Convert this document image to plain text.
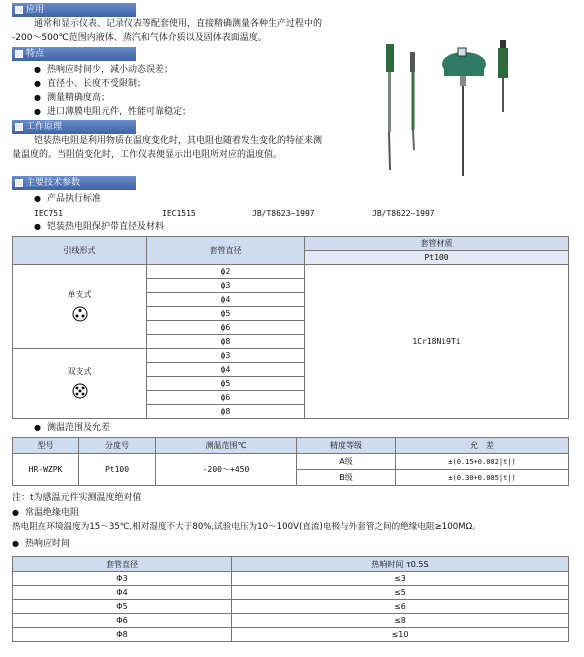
应用
通常和显示仪表、记录仪表等配套使用，直接精确测量各种生产过程中的
-200～500℃范围内液体、蒸汽和气体介质以及固体表面温度。
特点
● 热响应时间少，减小动态误差；
● 直径小、长度不受限制；
● 测量精确度高；
● 进口薄膜电阻元件，性能可靠稳定；
工作原理
铠装热电阻是利用物质在温度变化时，其电阻也随着发生变化的特征来测
量温度的。当阻值变化时，工作仪表便显示出电阻所对应的温度值。
主要技术参数
● 产品执行标准
IEC751	IEC1515	JB/T8623—1997	JB/T8622—1997
● 铠装热电阻保护带直径及材料
引线形式	套管直径	套管材质
		Pt100

单支式	ф2	1Cr18Ni9Ti
	ф3	
	ф4	
	ф5	
	ф6	
	ф8	

双支式	ф3	
	ф4	
	ф5	
	ф6	
	ф8	
● 测温范围及允差
型号	分度号	测温范围℃	精度等级	允　差
HR-WZPK	Pt100	-200～+450	A级	±(0.15+0.002|t|)
			B级	±(0.30+0.005|t|)
注：t为感温元件实测温度绝对值
● 常温绝缘电阻
热电阻在环境温度为15～35℃,相对湿度不大于80%,试验电压为10～100V(直流)电极与外套管之间的绝缘电阻≥100MΩ。
● 热响应时间
套管直径	热响时间 τ0.5S
Φ3	≤3
Φ4	≤5
Φ5	≤6
Φ6	≤8
Φ8	≤10
